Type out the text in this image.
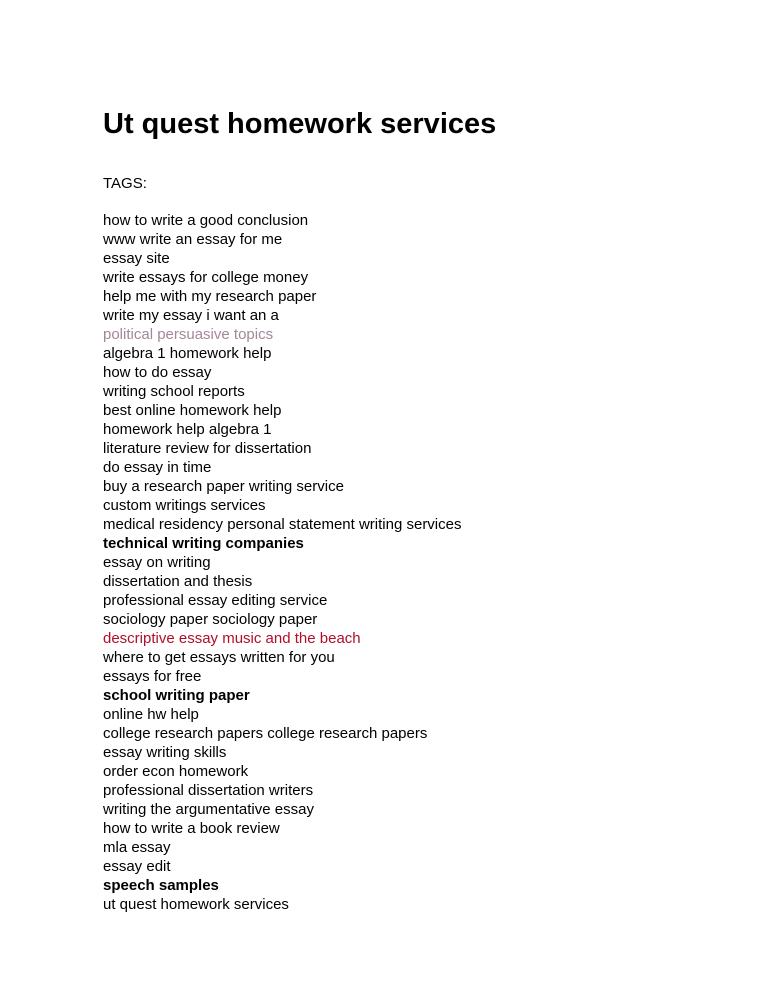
Ut quest homework services
TAGS:
how to write a good conclusion
www write an essay for me
essay site
write essays for college money
help me with my research paper
write my essay i want an a
political persuasive topics
algebra 1 homework help
how to do essay
writing school reports
best online homework help
homework help algebra 1
literature review for dissertation
do essay in time
buy a research paper writing service
custom writings services
medical residency personal statement writing services
technical writing companies
essay on writing
dissertation and thesis
professional essay editing service
sociology paper sociology paper
descriptive essay music and the beach
where to get essays written for you
essays for free
school writing paper
online hw help
college research papers college research papers
essay writing skills
order econ homework
professional dissertation writers
writing the argumentative essay
how to write a book review
mla essay
essay edit
speech samples
ut quest homework services
